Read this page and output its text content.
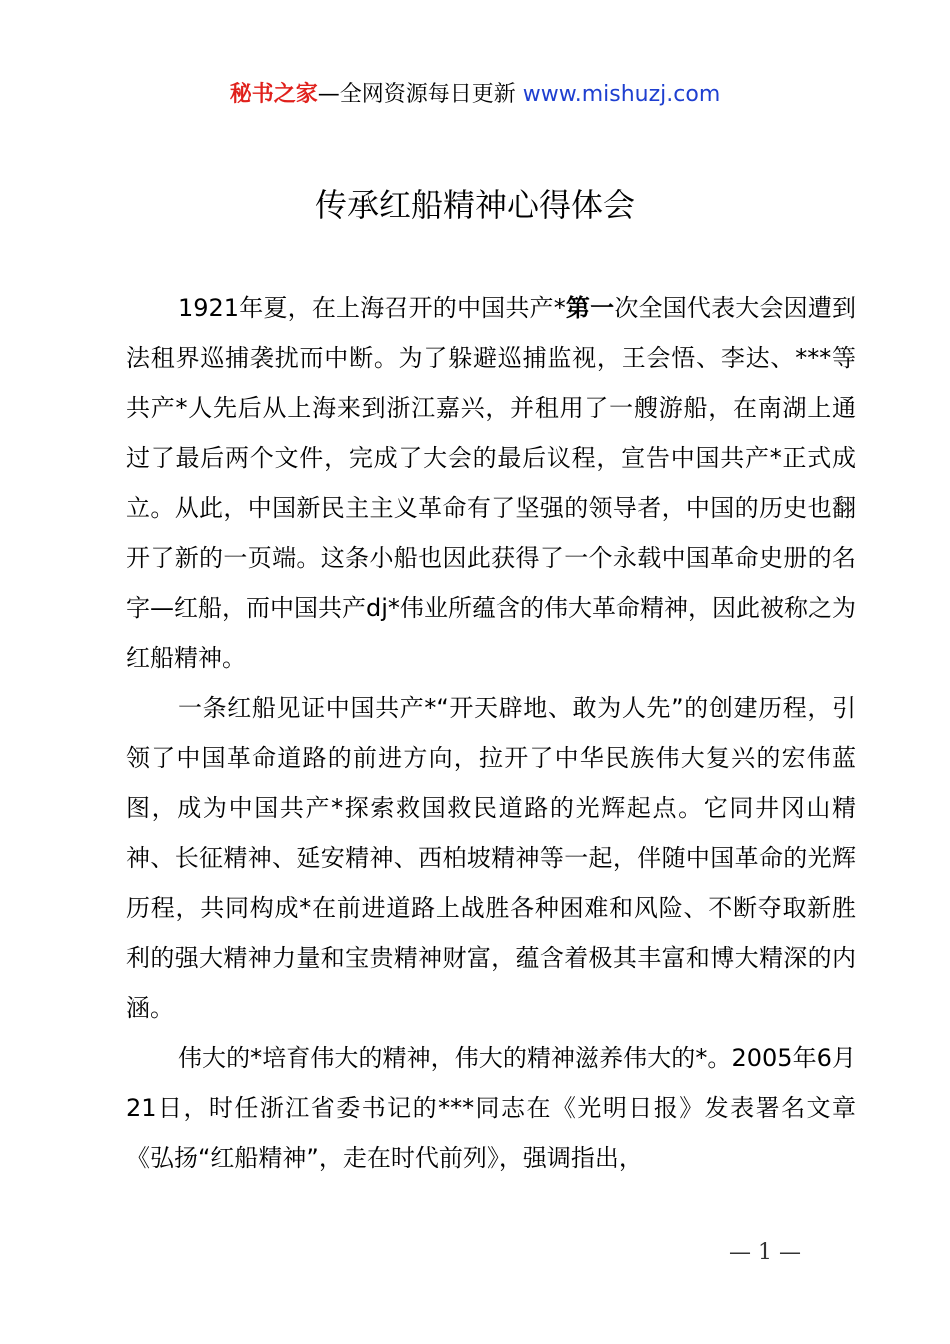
秘书之家—全网资源每日更新 www.mishuzj.com
传承红船精神心得体会

1921年夏，在上海召开的中国共产*第一次全国代表大会因遭到法租界巡捕袭扰而中断。为了躲避巡捕监视，王会悟、李达、***等共产*人先后从上海来到浙江嘉兴，并租用了一艘游船，在南湖上通过了最后两个文件，完成了大会的最后议程，宣告中国共产*正式成立。从此，中国新民主主义革命有了坚强的领导者，中国的历史也翻开了新的一页端。这条小船也因此获得了一个永载中国革命史册的名字—红船，而中国共产dj*伟业所蕴含的伟大革命精神，因此被称之为红船精神。

一条红船见证中国共产*“开天辟地、敢为人先”的创建历程，引领了中国革命道路的前进方向，拉开了中华民族伟大复兴的宏伟蓝图，成为中国共产*探索救国救民道路的光辉起点。它同井冈山精神、长征精神、延安精神、西柏坡精神等一起，伴随中国革命的光辉历程，共同构成*在前进道路上战胜各种困难和风险、不断夺取新胜利的强大精神力量和宝贵精神财富，蕴含着极其丰富和博大精深的内涵。

伟大的*培育伟大的精神，伟大的精神滋养伟大的*。2005年6月21日，时任浙江省委书记的***同志在《光明日报》发表署名文章《弘扬“红船精神”，走在时代前列》，强调指出，

— 1 —
